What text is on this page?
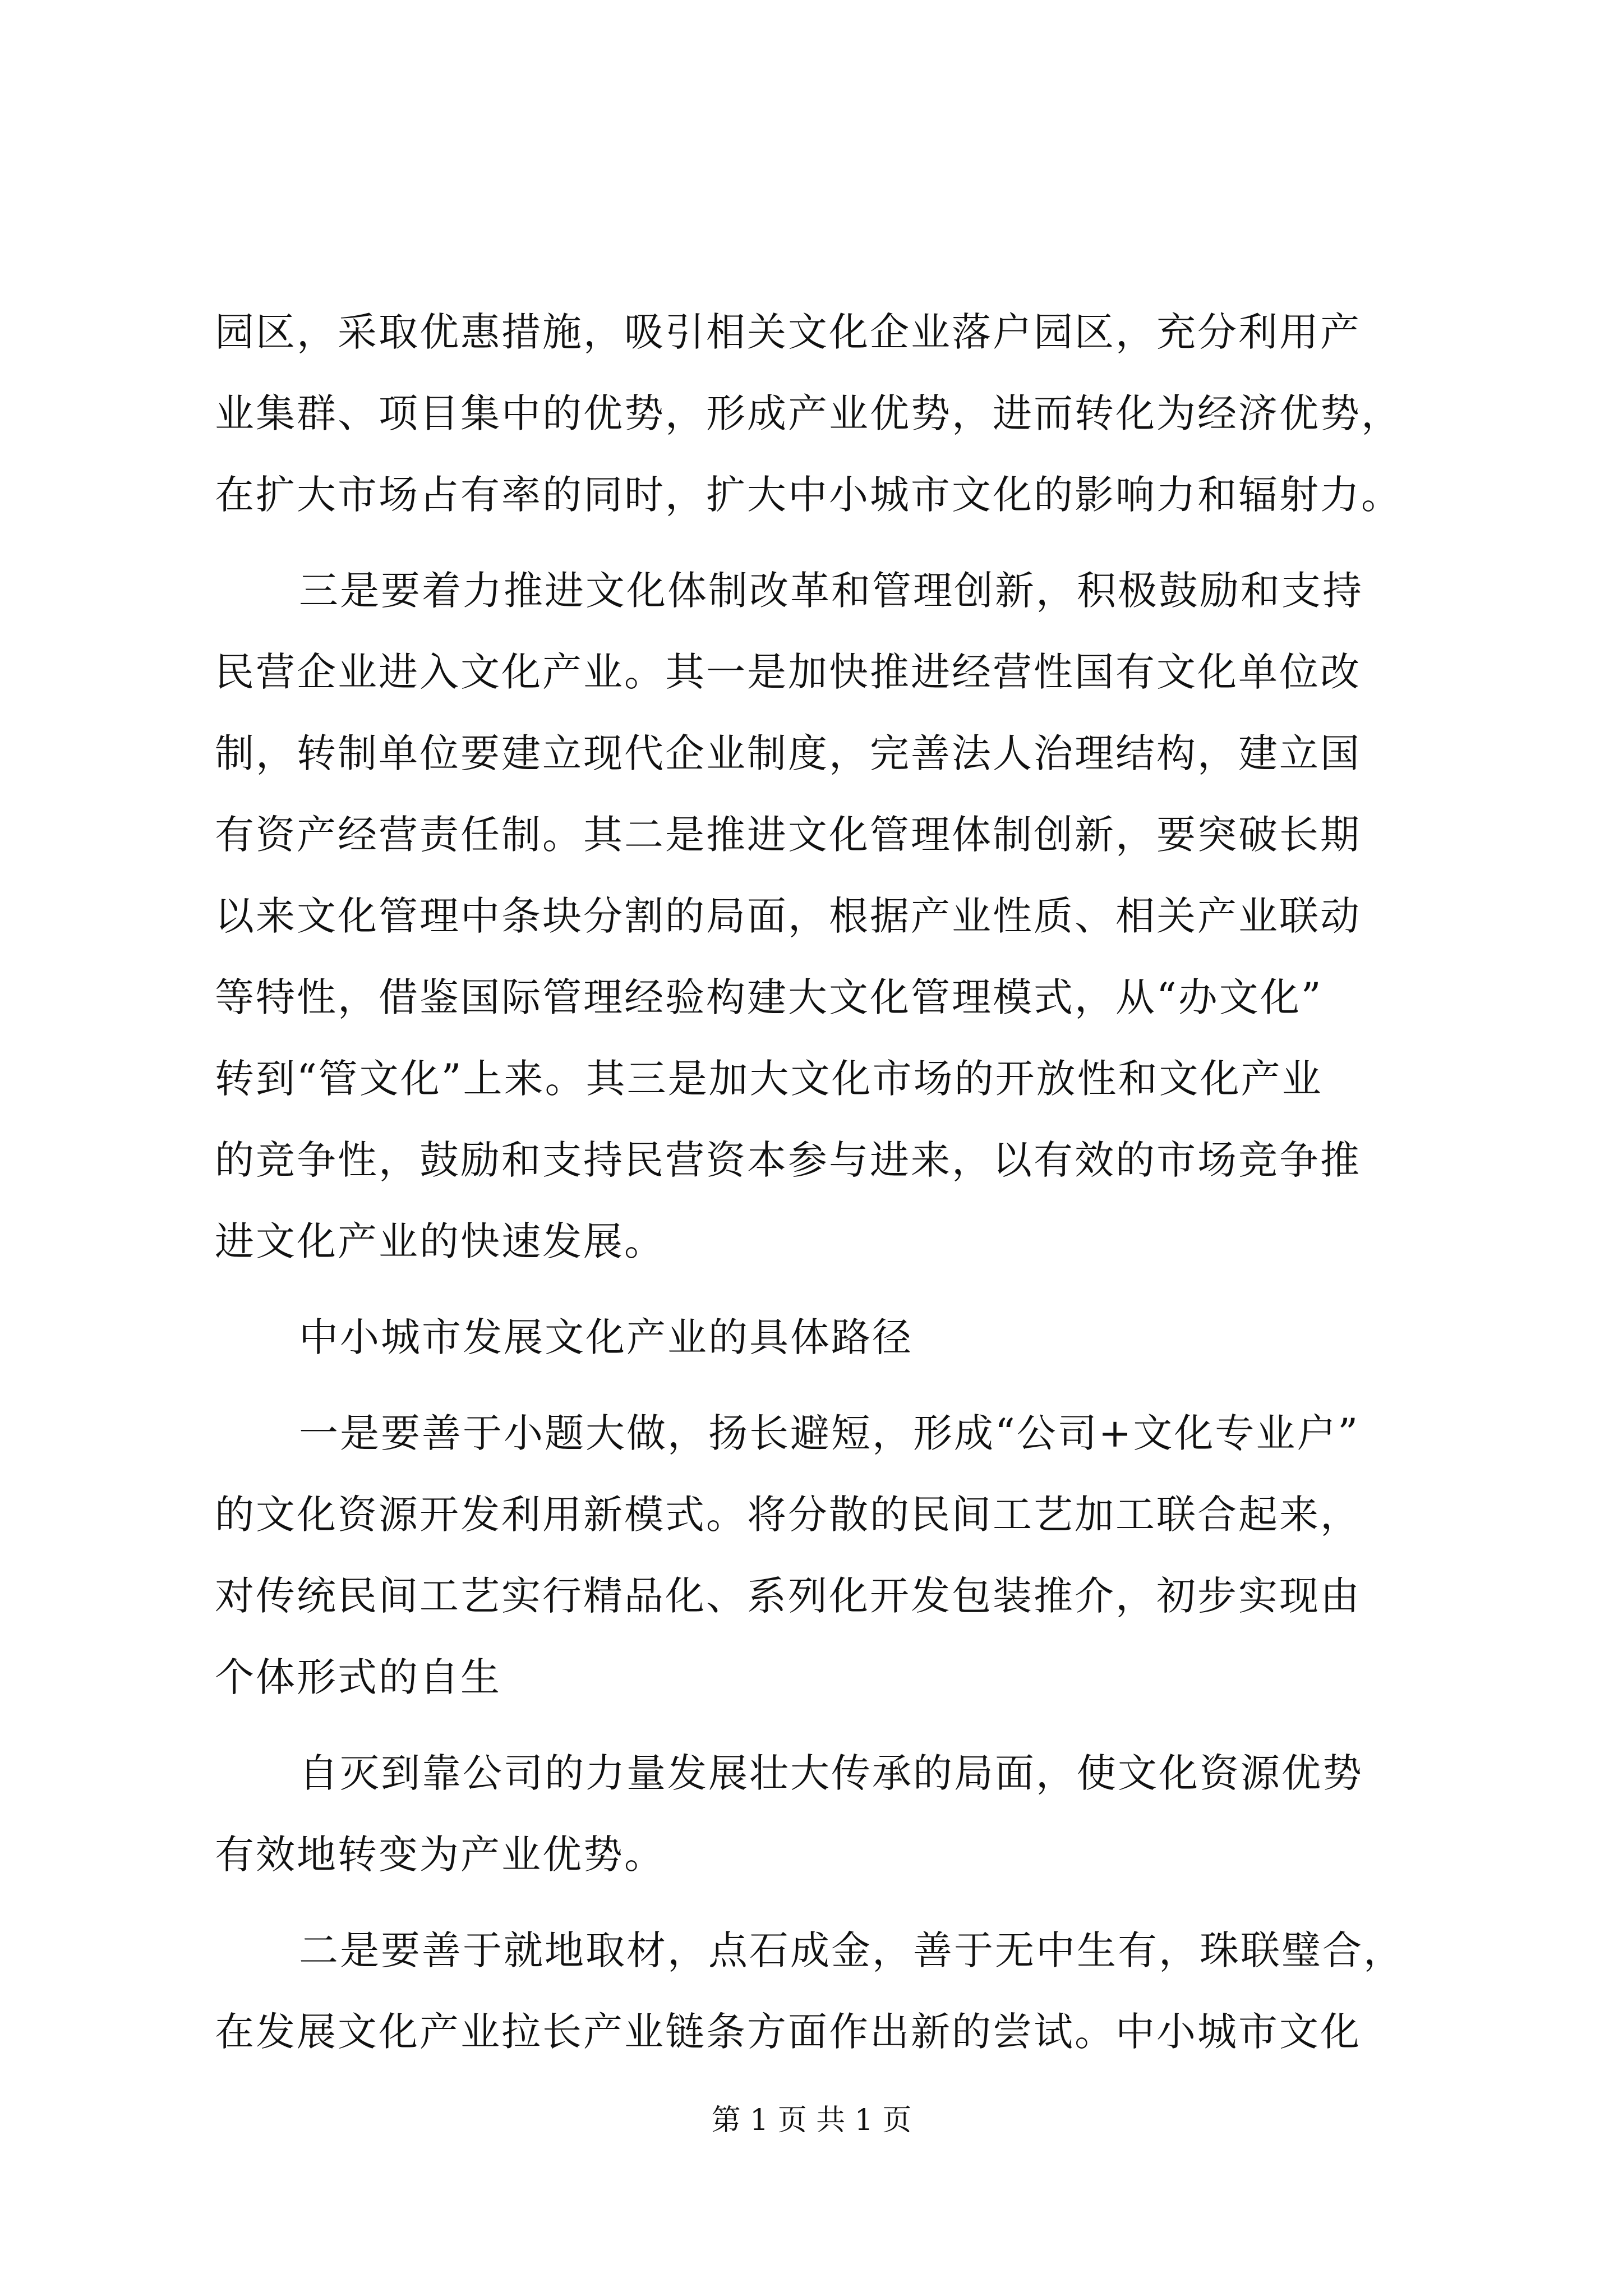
园区，采取优惠措施，吸引相关文化企业落户园区，充分利用产
业集群、项目集中的优势，形成产业优势，进而转化为经济优势，
在扩大市场占有率的同时，扩大中小城市文化的影响力和辐射力。
三是要着力推进文化体制改革和管理创新，积极鼓励和支持
民营企业进入文化产业。其一是加快推进经营性国有文化单位改
制，转制单位要建立现代企业制度，完善法人治理结构，建立国
有资产经营责任制。其二是推进文化管理体制创新，要突破长期
以来文化管理中条块分割的局面，根据产业性质、相关产业联动
等特性，借鉴国际管理经验构建大文化管理模式，从“办文化”
转到“管文化”上来。其三是加大文化市场的开放性和文化产业
的竞争性，鼓励和支持民营资本参与进来，以有效的市场竞争推
进文化产业的快速发展。
中小城市发展文化产业的具体路径
一是要善于小题大做，扬长避短，形成“公司+文化专业户”
的文化资源开发利用新模式。将分散的民间工艺加工联合起来，
对传统民间工艺实行精品化、系列化开发包装推介，初步实现由
个体形式的自生
自灭到靠公司的力量发展壮大传承的局面，使文化资源优势
有效地转变为产业优势。
二是要善于就地取材，点石成金，善于无中生有，珠联璧合，
在发展文化产业拉长产业链条方面作出新的尝试。中小城市文化
第 1 页 共 1 页
